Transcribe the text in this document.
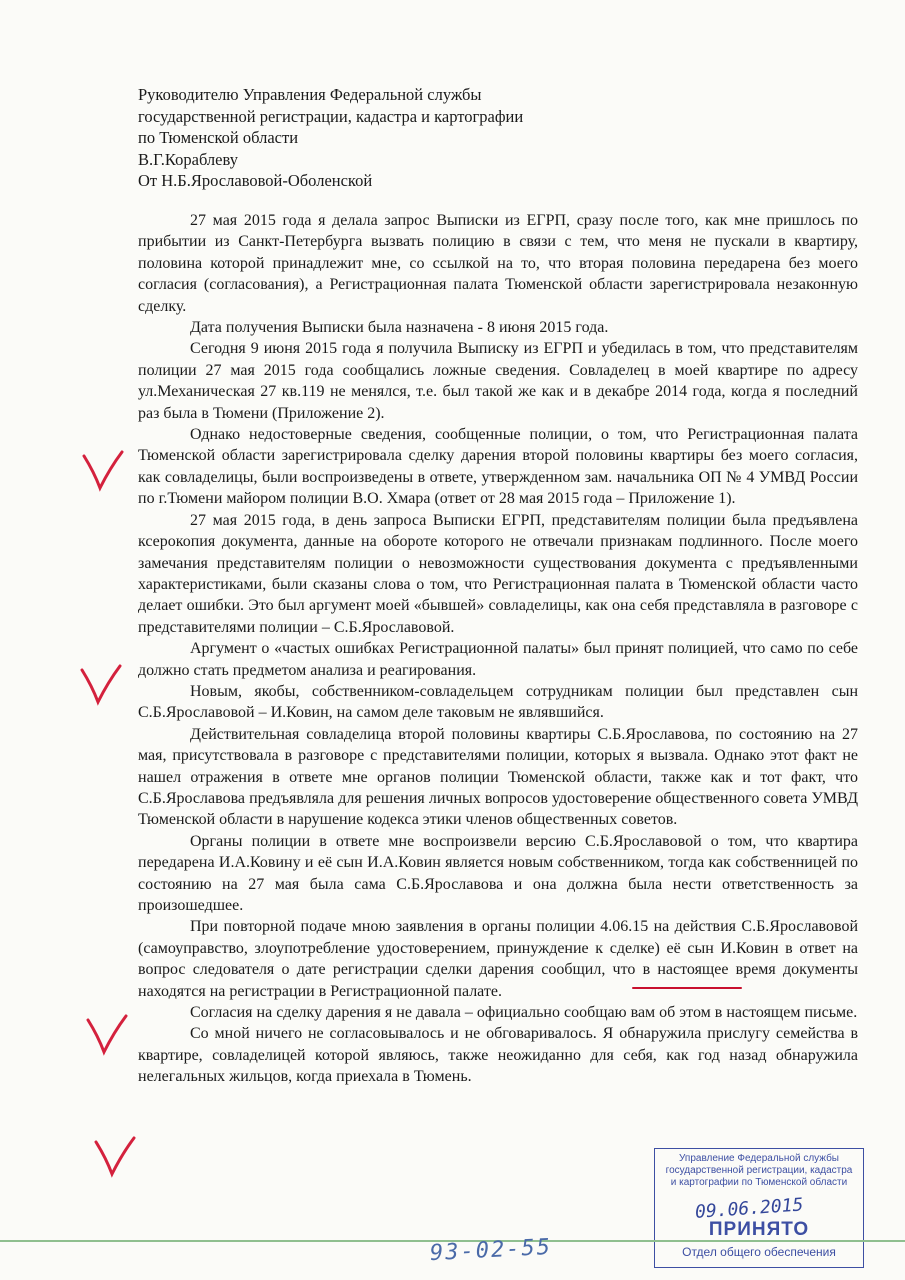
Руководителю Управления Федеральной службы
государственной регистрации, кадастра и картографии
по Тюменской области
В.Г.Кораблеву
От Н.Б.Ярославовой-Оболенской

27 мая 2015 года я делала запрос Выписки из ЕГРП, сразу после того, как мне пришлось по прибытии из Санкт-Петербурга вызвать полицию в связи с тем, что меня не пускали в квартиру, половина которой принадлежит мне, со ссылкой на то, что вторая половина передарена без моего согласия (согласования), а Регистрационная палата Тюменской области зарегистрировала незаконную сделку.

Дата получения Выписки была назначена - 8 июня 2015 года.

Сегодня 9 июня 2015 года я получила Выписку из ЕГРП и убедилась в том, что представителям полиции 27 мая 2015 года сообщались ложные сведения. Совладелец в моей квартире по адресу ул.Механическая 27 кв.119 не менялся, т.е. был такой же как и в декабре 2014 года, когда я последний раз была в Тюмени (Приложение 2).

Однако недостоверные сведения, сообщенные полиции, о том, что Регистрационная палата Тюменской области зарегистрировала сделку дарения второй половины квартиры без моего согласия, как совладелицы, были воспроизведены в ответе, утвержденном зам. начальника ОП № 4 УМВД России по г.Тюмени майором полиции В.О. Хмара (ответ от 28 мая 2015 года – Приложение 1).

27 мая 2015 года, в день запроса Выписки ЕГРП, представителям полиции была предъявлена ксерокопия документа, данные на обороте которого не отвечали признакам подлинного. После моего замечания представителям полиции о невозможности существования документа с предъявленными характеристиками, были сказаны слова о том, что Регистрационная палата в Тюменской области часто делает ошибки. Это был аргумент моей «бывшей» совладелицы, как она себя представляла в разговоре с представителями полиции – С.Б.Ярославовой.

Аргумент о «частых ошибках Регистрационной палаты» был принят полицией, что само по себе должно стать предметом анализа и реагирования.

Новым, якобы, собственником-совладельцем сотрудникам полиции был представлен сын С.Б.Ярославовой – И.Ковин, на самом деле таковым не являвшийся.

Действительная совладелица второй половины квартиры С.Б.Ярославова, по состоянию на 27 мая, присутствовала в разговоре с представителями полиции, которых я вызвала. Однако этот факт не нашел отражения в ответе мне органов полиции Тюменской области, также как и тот факт, что С.Б.Ярославова предъявляла для решения личных вопросов удостоверение общественного совета УМВД Тюменской области в нарушение кодекса этики членов общественных советов.

Органы полиции в ответе мне воспроизвели версию С.Б.Ярославовой о том, что квартира передарена И.А.Ковину и её сын И.А.Ковин является новым собственником, тогда как собственницей по состоянию на 27 мая была сама С.Б.Ярославова и она должна была нести ответственность за произошедшее.

При повторной подаче мною заявления в органы полиции 4.06.15 на действия С.Б.Ярославовой (самоуправство, злоупотребление удостоверением, принуждение к сделке) её сын И.Ковин в ответ на вопрос следователя о дате регистрации сделки дарения сообщил, что в настоящее время документы находятся на регистрации в Регистрационной палате.

Согласия на сделку дарения я не давала – официально сообщаю вам об этом в настоящем письме.

Со мной ничего не согласовывалось и не обговаривалось. Я обнаружила прислугу семейства в квартире, совладелицей которой являюсь, также неожиданно для себя, как год назад обнаружила нелегальных жильцов, когда приехала в Тюмень.

Управление Федеральной службы
государственной регистрации, кадастра
и картографии по Тюменской области
09.06.2015
ПРИНЯТО
Отдел общего обеспечения
93-02-55
